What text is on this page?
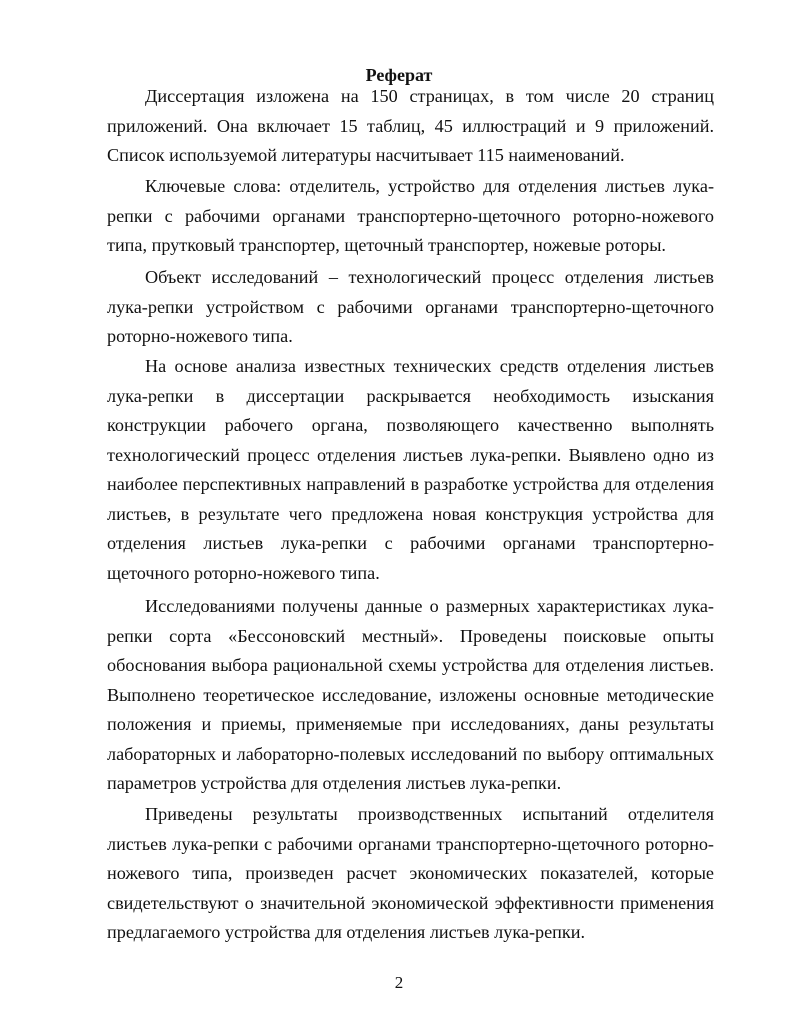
Реферат

Диссертация изложена на 150 страницах, в том числе 20 страниц приложений. Она включает 15 таблиц, 45 иллюстраций и 9 приложений. Список используемой литературы насчитывает 115 наименований.

Ключевые слова: отделитель, устройство для отделения листьев лука-репки с рабочими органами транспортерно-щеточного роторно-ножевого типа, прутковый транспортер, щеточный транспортер, ножевые роторы.

Объект исследований – технологический процесс отделения листьев лука-репки устройством с рабочими органами транспортерно-щеточного роторно-ножевого типа.

На основе анализа известных технических средств отделения листьев лука-репки в диссертации раскрывается необходимость изыскания конструкции рабочего органа, позволяющего качественно выполнять технологический процесс отделения листьев лука-репки. Выявлено одно из наиболее перспективных направлений в разработке устройства для отделения листьев, в результате чего предложена новая конструкция устройства для отделения листьев лука-репки с рабочими органами транспортерно-щеточного роторно-ножевого типа.

Исследованиями получены данные о размерных характеристиках лука-репки сорта «Бессоновский местный». Проведены поисковые опыты обоснования выбора рациональной схемы устройства для отделения листьев. Выполнено теоретическое исследование, изложены основные методические положения и приемы, применяемые при исследованиях, даны результаты лабораторных и лабораторно-полевых исследований по выбору оптимальных параметров устройства для отделения листьев лука-репки.

Приведены результаты производственных испытаний отделителя листьев лука-репки с рабочими органами транспортерно-щеточного роторно-ножевого типа, произведен расчет экономических показателей, которые свидетельствуют о значительной экономической эффективности применения предлагаемого устройства для отделения листьев лука-репки.

2
